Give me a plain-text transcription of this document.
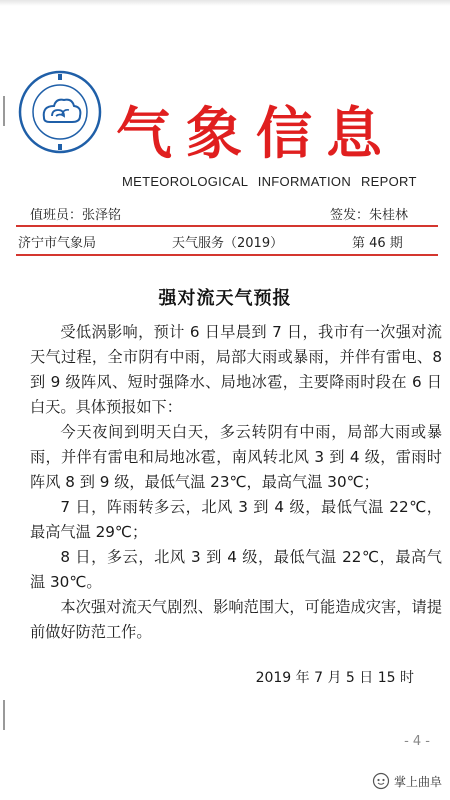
气象信息
METEOROLOGICAL INFORMATION REPORT
值班员：张泽铭	签发：朱桂林
济宁市气象局	天气服务（2019）	第 46 期
强对流天气预报

受低涡影响，预计 6 日早晨到 7 日，我市有一次强对流天气过程，全市阴有中雨，局部大雨或暴雨，并伴有雷电、8 到 9 级阵风、短时强降水、局地冰雹，主要降雨时段在 6 日白天。具体预报如下：

今天夜间到明天白天，多云转阴有中雨，局部大雨或暴雨，并伴有雷电和局地冰雹，南风转北风 3 到 4 级，雷雨时阵风 8 到 9 级，最低气温 23℃，最高气温 30℃；

7 日，阵雨转多云，北风 3 到 4 级，最低气温 22℃，最高气温 29℃；

8 日，多云，北风 3 到 4 级，最低气温 22℃，最高气温 30℃。

本次强对流天气剧烈、影响范围大，可能造成灾害，请提前做好防范工作。

2019 年 7 月 5 日 15 时
- 4 -
掌上曲阜
